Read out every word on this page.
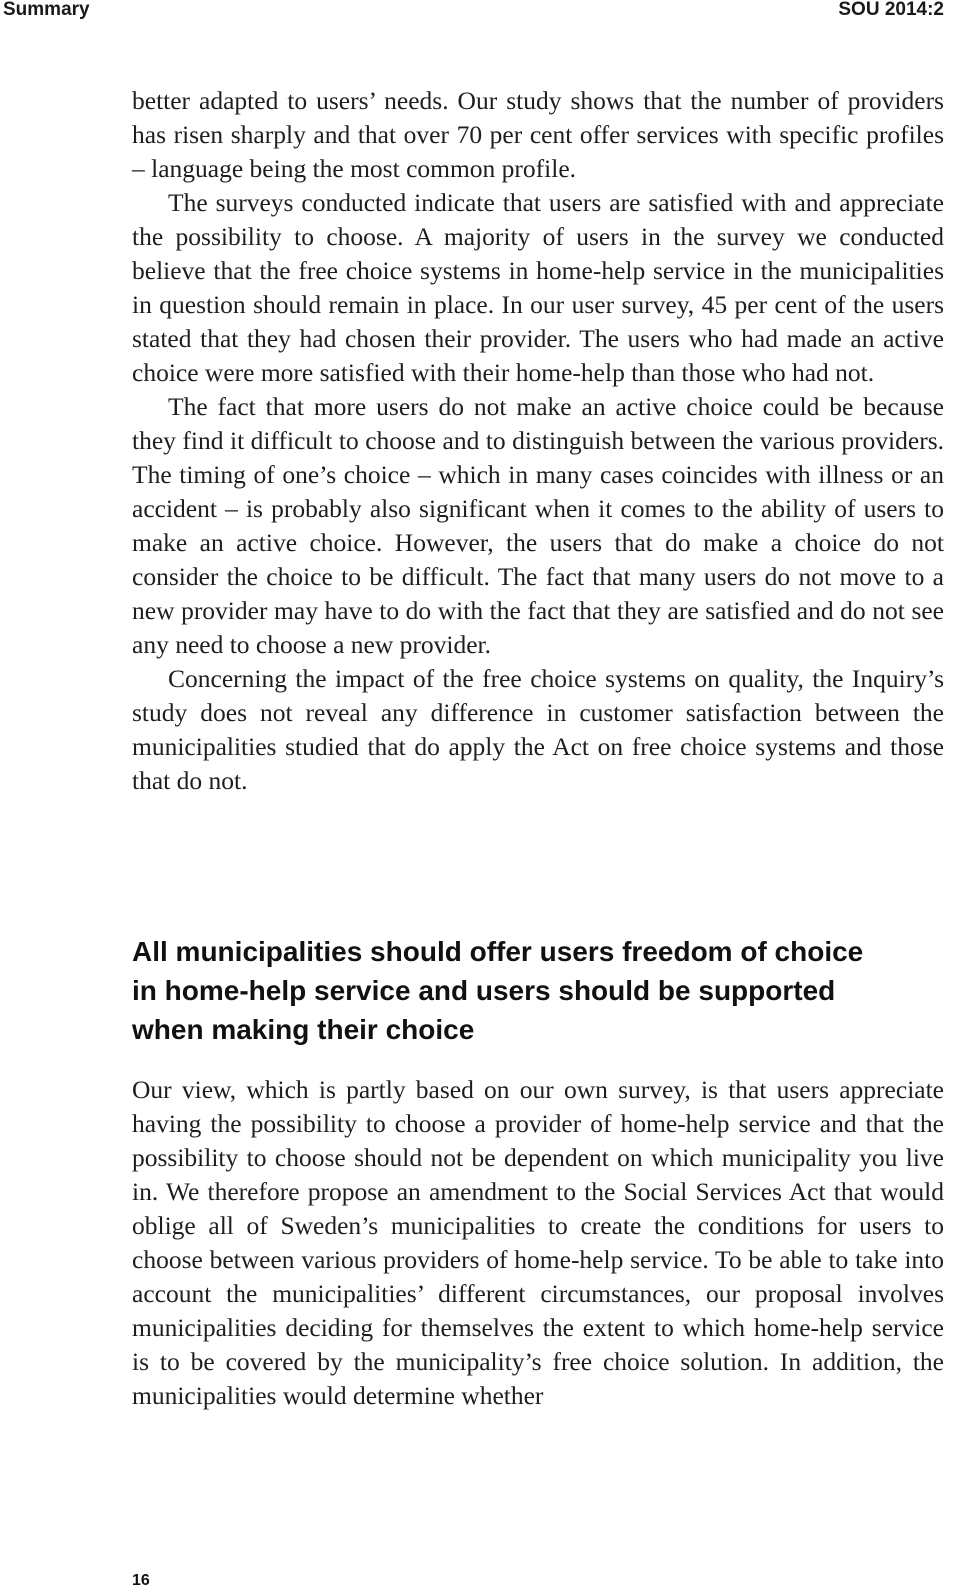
Summary	SOU 2014:2

better adapted to users’ needs. Our study shows that the number of providers has risen sharply and that over 70 per cent offer services with specific profiles – language being the most common profile.

The surveys conducted indicate that users are satisfied with and appreciate the possibility to choose. A majority of users in the survey we conducted believe that the free choice systems in home-help service in the municipalities in question should remain in place. In our user survey, 45 per cent of the users stated that they had chosen their provider. The users who had made an active choice were more satisfied with their home-help than those who had not.

The fact that more users do not make an active choice could be because they find it difficult to choose and to distinguish between the various providers. The timing of one’s choice – which in many cases coincides with illness or an accident – is probably also significant when it comes to the ability of users to make an active choice. However, the users that do make a choice do not consider the choice to be difficult. The fact that many users do not move to a new provider may have to do with the fact that they are satisfied and do not see any need to choose a new provider.

Concerning the impact of the free choice systems on quality, the Inquiry’s study does not reveal any difference in customer satisfaction between the municipalities studied that do apply the Act on free choice systems and those that do not.

All municipalities should offer users freedom of choice
in home-help service and users should be supported
when making their choice

Our view, which is partly based on our own survey, is that users appreciate having the possibility to choose a provider of home-help service and that the possibility to choose should not be dependent on which municipality you live in. We therefore propose an amendment to the Social Services Act that would oblige all of Sweden’s municipalities to create the conditions for users to choose between various providers of home-help service. To be able to take into account the municipalities’ different circumstances, our proposal involves municipalities deciding for themselves the extent to which home-help service is to be covered by the municipality’s free choice solution. In addition, the municipalities would determine whether

16
